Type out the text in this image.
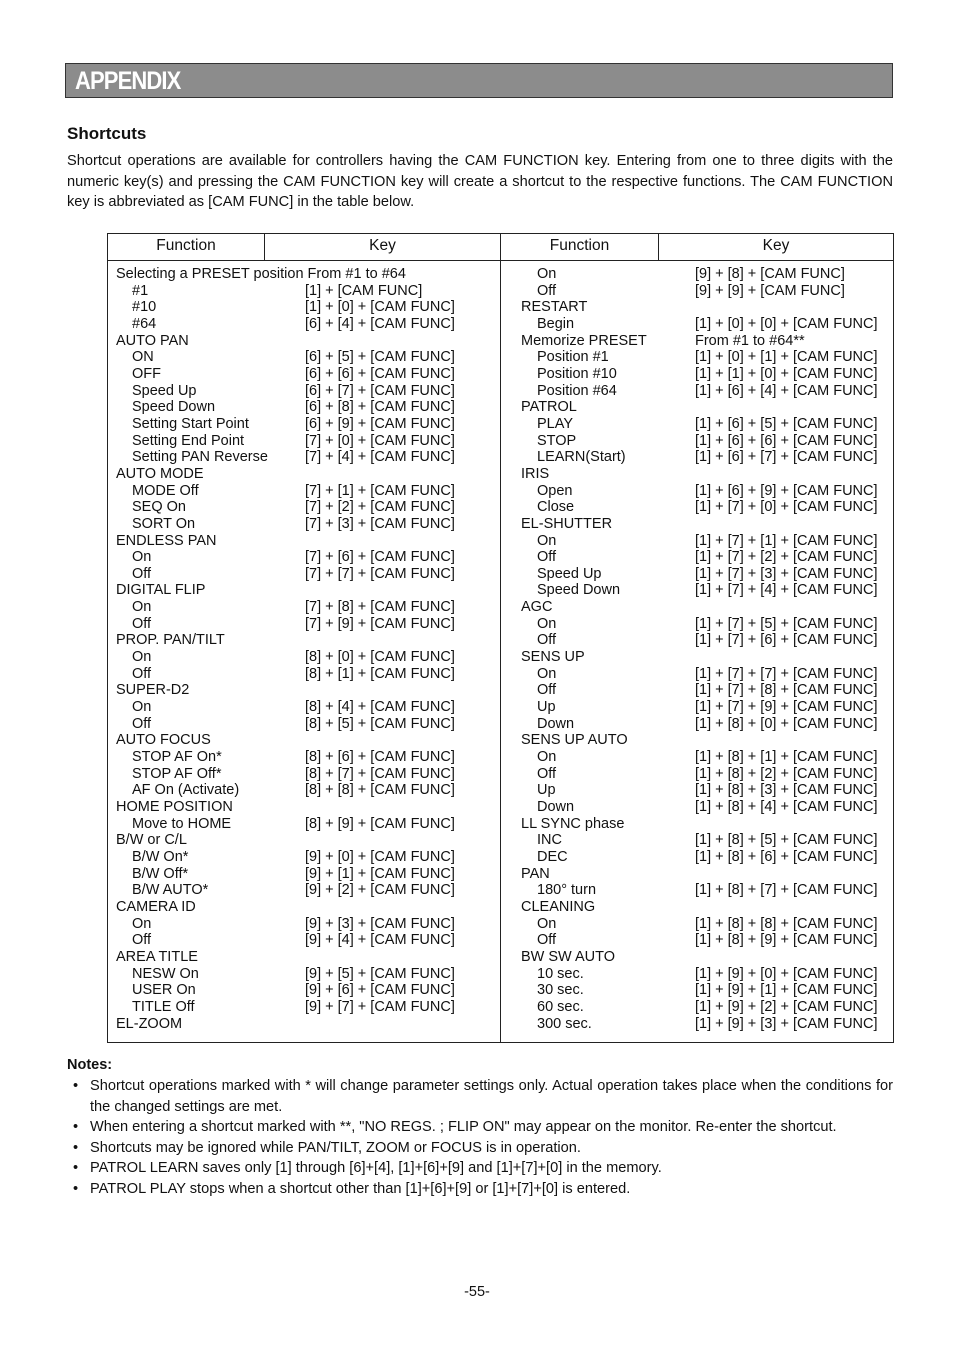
APPENDIX
Shortcuts
Shortcut operations are available for controllers having the CAM FUNCTION key. Entering from one to three digits with the numeric key(s) and pressing the CAM FUNCTION key will create a shortcut to the respective functions. The CAM FUNCTION key is abbreviated as [CAM FUNC] in the table below.
Function	Key	Function	Key
Selecting a PRESET position From #1 to #64
#1	[1] + [CAM FUNC]
#10	[1] + [0] + [CAM FUNC]
#64	[6] + [4] + [CAM FUNC]
AUTO PAN
ON	[6] + [5] + [CAM FUNC]
OFF	[6] + [6] + [CAM FUNC]
Speed Up	[6] + [7] + [CAM FUNC]
Speed Down	[6] + [8] + [CAM FUNC]
Setting Start Point	[6] + [9] + [CAM FUNC]
Setting End Point	[7] + [0] + [CAM FUNC]
Setting PAN Reverse	[7] + [4] + [CAM FUNC]
AUTO MODE
MODE Off	[7] + [1] + [CAM FUNC]
SEQ On	[7] + [2] + [CAM FUNC]
SORT On	[7] + [3] + [CAM FUNC]
ENDLESS PAN
On	[7] + [6] + [CAM FUNC]
Off	[7] + [7] + [CAM FUNC]
DIGITAL FLIP
On	[7] + [8] + [CAM FUNC]
Off	[7] + [9] + [CAM FUNC]
PROP. PAN/TILT
On	[8] + [0] + [CAM FUNC]
Off	[8] + [1] + [CAM FUNC]
SUPER-D2
On	[8] + [4] + [CAM FUNC]
Off	[8] + [5] + [CAM FUNC]
AUTO FOCUS
STOP AF On*	[8] + [6] + [CAM FUNC]
STOP AF Off*	[8] + [7] + [CAM FUNC]
AF On (Activate)	[8] + [8] + [CAM FUNC]
HOME POSITION
Move to HOME	[8] + [9] + [CAM FUNC]
B/W or C/L
B/W On*	[9] + [0] + [CAM FUNC]
B/W Off*	[9] + [1] + [CAM FUNC]
B/W AUTO*	[9] + [2] + [CAM FUNC]
CAMERA ID
On	[9] + [3] + [CAM FUNC]
Off	[9] + [4] + [CAM FUNC]
AREA TITLE
NESW On	[9] + [5] + [CAM FUNC]
USER On	[9] + [6] + [CAM FUNC]
TITLE Off	[9] + [7] + [CAM FUNC]
EL-ZOOM
On	[9] + [8] + [CAM FUNC]
Off	[9] + [9] + [CAM FUNC]
RESTART
Begin	[1] + [0] + [0] + [CAM FUNC]
Memorize PRESET	From #1 to #64**
Position #1	[1] + [0] + [1] + [CAM FUNC]
Position #10	[1] + [1] + [0] + [CAM FUNC]
Position #64	[1] + [6] + [4] + [CAM FUNC]
PATROL
PLAY	[1] + [6] + [5] + [CAM FUNC]
STOP	[1] + [6] + [6] + [CAM FUNC]
LEARN(Start)	[1] + [6] + [7] + [CAM FUNC]
IRIS
Open	[1] + [6] + [9] + [CAM FUNC]
Close	[1] + [7] + [0] + [CAM FUNC]
EL-SHUTTER
On	[1] + [7] + [1] + [CAM FUNC]
Off	[1] + [7] + [2] + [CAM FUNC]
Speed Up	[1] + [7] + [3] + [CAM FUNC]
Speed Down	[1] + [7] + [4] + [CAM FUNC]
AGC
On	[1] + [7] + [5] + [CAM FUNC]
Off	[1] + [7] + [6] + [CAM FUNC]
SENS UP
On	[1] + [7] + [7] + [CAM FUNC]
Off	[1] + [7] + [8] + [CAM FUNC]
Up	[1] + [7] + [9] + [CAM FUNC]
Down	[1] + [8] + [0] + [CAM FUNC]
SENS UP AUTO
On	[1] + [8] + [1] + [CAM FUNC]
Off	[1] + [8] + [2] + [CAM FUNC]
Up	[1] + [8] + [3] + [CAM FUNC]
Down	[1] + [8] + [4] + [CAM FUNC]
LL SYNC phase
INC	[1] + [8] + [5] + [CAM FUNC]
DEC	[1] + [8] + [6] + [CAM FUNC]
PAN
180° turn	[1] + [8] + [7] + [CAM FUNC]
CLEANING
On	[1] + [8] + [8] + [CAM FUNC]
Off	[1] + [8] + [9] + [CAM FUNC]
BW SW AUTO
10 sec.	[1] + [9] + [0] + [CAM FUNC]
30 sec.	[1] + [9] + [1] + [CAM FUNC]
60 sec.	[1] + [9] + [2] + [CAM FUNC]
300 sec.	[1] + [9] + [3] + [CAM FUNC]
Notes:
• Shortcut operations marked with * will change parameter settings only. Actual operation takes place when the conditions for the changed settings are met.
• When entering a shortcut marked with **, "NO REGS. ; FLIP ON" may appear on the monitor. Re-enter the shortcut.
• Shortcuts may be ignored while PAN/TILT, ZOOM or FOCUS is in operation.
• PATROL LEARN saves only [1] through [6]+[4], [1]+[6]+[9] and [1]+[7]+[0] in the memory.
• PATROL PLAY stops when a shortcut other than [1]+[6]+[9] or [1]+[7]+[0] is entered.
-55-
